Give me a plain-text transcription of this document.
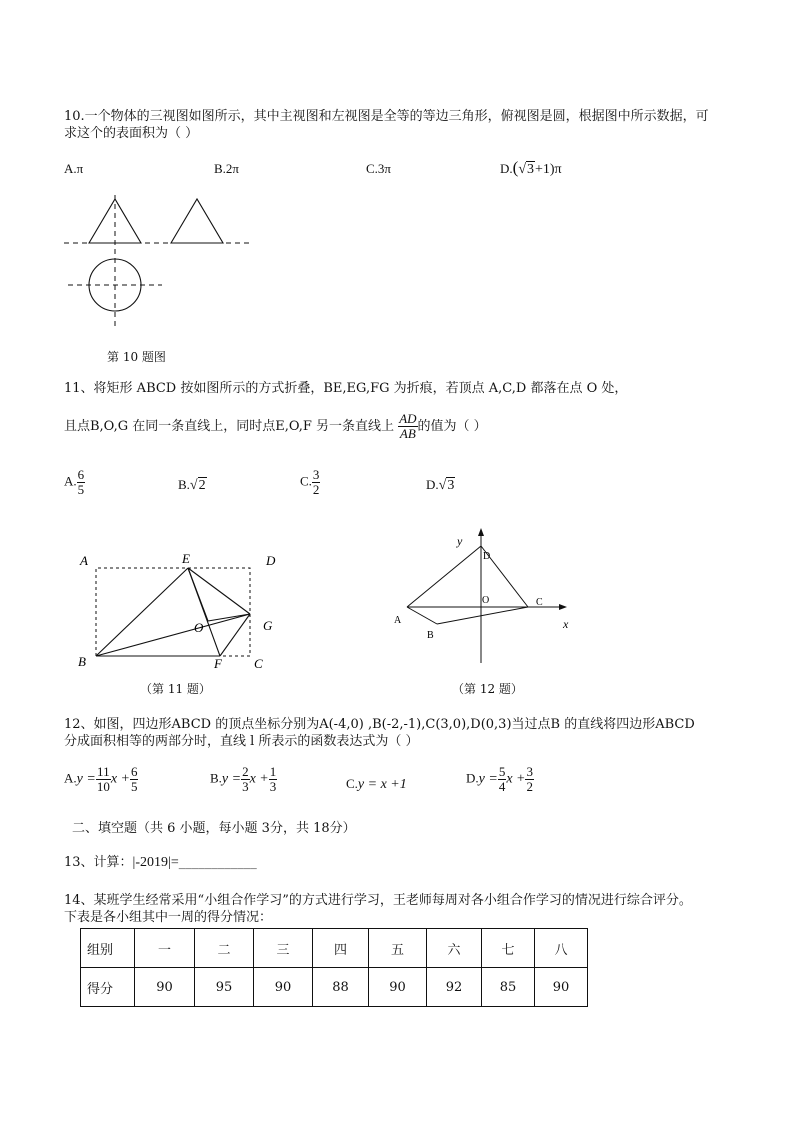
10.一个物体的三视图如图所示，其中主视图和左视图是全等的等边三角形，俯视图是圆，根据图中所示数据，可
求这个的表面积为（ ）
A.π	B.2π	C.3π	D.(√3+1)π
第 10 题图
11、将矩形 ABCD 按如图所示的方式折叠，BE,EG,FG 为折痕，若顶点 A,C,D 都落在点 O 处，
且点B,O,G 在同一条直线上，同时点E,O,F 另一条直线上 $\frac{AD}{AB}$ 的值为（ ）
A. $\frac{6}{5}$	B.√2	C. $\frac{3}{2}$	D.√3
A	E	D
O	G
B	F C
（第 11 题）
y
x
D
O	C
A
B
（第 12 题）
12、如图，四边形ABCD 的顶点坐标分别为A(-4,0) ,B(-2,-1),C(3,0),D(0,3)当过点B 的直线将四边形ABCD
分成面积相等的两部分时，直线 l 所表示的函数表达式为（ ）
$A.y = \frac{11}{10}$ $x + \frac{6}{5}$	$B.y = \frac{2}{3}$ $x + \frac{1}{3}$	C.y = x +1	$D.y = \frac{5}{4}$ $x + \frac{3}{2}$
二、填空题（共 6 小题，每小题 3分，共 18分）
13、计算：|-2019|=____________
14、某班学生经常采用“小组合作学习”的方式进行学习，王老师每周对各小组合作学习的情况进行综合评分。
下表是各小组其中一周的得分情况：
组别	一	二	三	四	五	六	七	八
得分	90	95	90	88	90	92	85	90
